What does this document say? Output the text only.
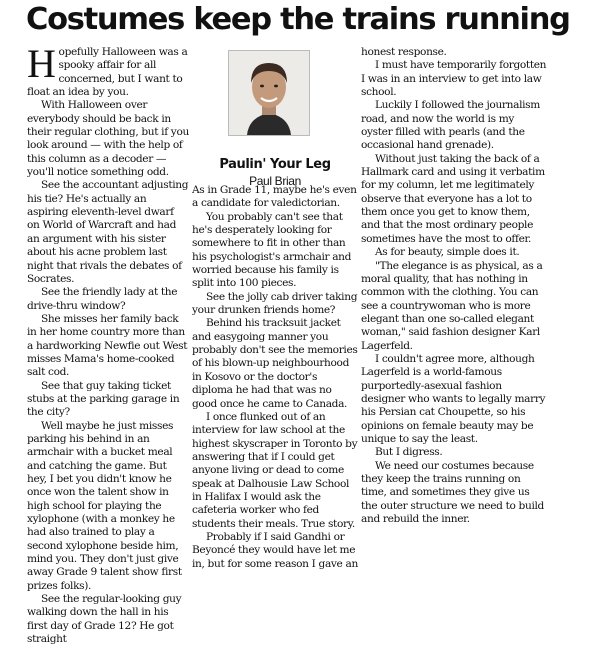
Costumes keep the trains running

Hopefully Halloween was a spooky affair for all concerned, but I want to float an idea by you.

With Halloween over everybody should be back in their regular clothing, but if you look around — with the help of this column as a decoder — you'll notice something odd.

See the accountant adjusting his tie? He's actually an aspiring eleventh-level dwarf on World of Warcraft and had an argument with his sister about his acne problem last night that rivals the debates of Socrates.

See the friendly lady at the drive-thru window?

She misses her family back in her home country more than a hardworking Newfie out West misses Mama's home-cooked salt cod.

See that guy taking ticket stubs at the parking garage in the city?

Well maybe he just misses parking his behind in an armchair with a bucket meal and catching the game. But hey, I bet you didn't know he once won the talent show in high school for playing the xylophone (with a monkey he had also trained to play a second xylophone beside him, mind you. They don't just give away Grade 9 talent show first prizes folks).

See the regular-looking guy walking down the hall in his first day of Grade 12? He got straight

Paulin' Your Leg
Paul Brian

As in Grade 11, maybe he's even a candidate for valedictorian.

You probably can't see that he's desperately looking for somewhere to fit in other than his psychologist's armchair and worried because his family is split into 100 pieces.

See the jolly cab driver taking your drunken friends home?

Behind his tracksuit jacket and easygoing manner you probably don't see the memories of his blown-up neighbourhood in Kosovo or the doctor's diploma he had that was no good once he came to Canada.

I once flunked out of an interview for law school at the highest skyscraper in Toronto by answering that if I could get anyone living or dead to come speak at Dalhousie Law School in Halifax I would ask the cafeteria worker who fed students their meals. True story.

Probably if I said Gandhi or Beyoncé they would have let me in, but for some reason I gave an

honest response.

I must have temporarily forgotten I was in an interview to get into law school.

Luckily I followed the journalism road, and now the world is my oyster filled with pearls (and the occasional hand grenade).

Without just taking the back of a Hallmark card and using it verbatim for my column, let me legitimately observe that everyone has a lot to them once you get to know them, and that the most ordinary people sometimes have the most to offer.

As for beauty, simple does it.

"The elegance is as physical, as a moral quality, that has nothing in common with the clothing. You can see a countrywoman who is more elegant than one so-called elegant woman," said fashion designer Karl Lagerfeld.

I couldn't agree more, although Lagerfeld is a world-famous purportedly-asexual fashion designer who wants to legally marry his Persian cat Choupette, so his opinions on female beauty may be unique to say the least.

But I digress.

We need our costumes because they keep the trains running on time, and sometimes they give us the outer structure we need to build and rebuild the inner.
